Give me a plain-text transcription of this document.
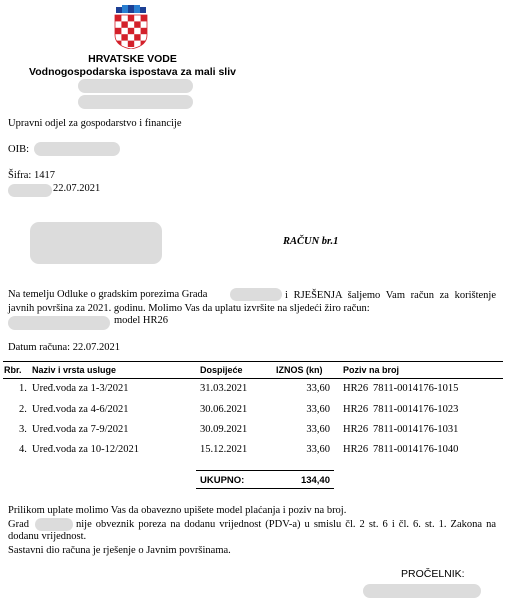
HRVATSKE VODE
Vodnogospodarska ispostava za mali sliv
Upravni odjel za gospodarstvo i financije
OIB:
Šifra: 1417
22.07.2021
RAČUN br.1
Na temelju Odluke o gradskim porezima Grada	i RJEŠENJA šaljemo Vam račun za korištenje javnih površina za 2021. godinu. Molimo Vas da uplatu izvršite na sljedeći žiro račun:
model HR26
Datum računa: 22.07.2021
Rbr. Naziv i vrsta usluge	Dospijeće	IZNOS (kn) Poziv na broj
1. Uređ.voda za 1-3/2021	31.03.2021	33,60 HR26 7811-0014176-1015
2. Uređ.voda za 4-6/2021	30.06.2021	33,60 HR26 7811-0014176-1023
3. Uređ.voda za 7-9/2021	30.09.2021	33,60 HR26 7811-0014176-1031
4. Uređ.voda za 10-12/2021	15.12.2021	33,60 HR26 7811-0014176-1040
UKUPNO:	134,40
Prilikom uplate molimo Vas da obavezno upišete model plaćanja i poziv na broj.
Grad	nije obveznik poreza na dodanu vrijednost (PDV-a) u smislu čl. 2 st. 6 i čl. 6. st. 1. Zakona na dodanu vrijednost.
Sastavni dio računa je rješenje o Javnim površinama.
PROČELNIK:
